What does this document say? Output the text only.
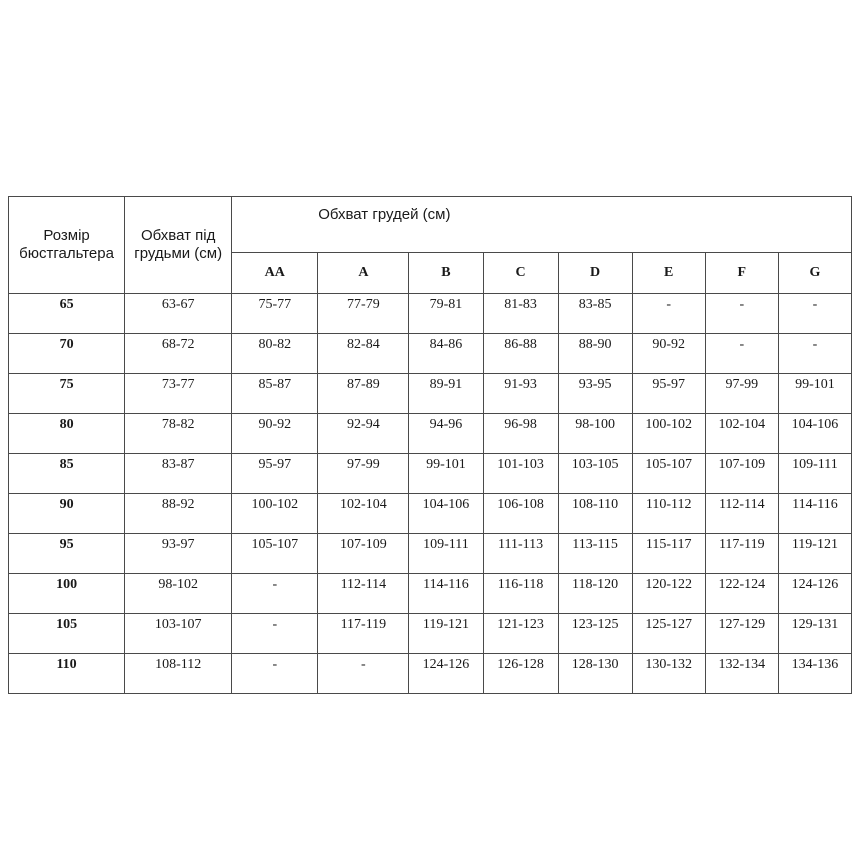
Розмір бюстгальтера	Обхват під грудьми (см)	Обхват грудей (см)							
		AA	A	B	C	D	E	F	G
65	63-67	75-77	77-79	79-81	81-83	83-85	-	-	-
70	68-72	80-82	82-84	84-86	86-88	88-90	90-92	-	-
75	73-77	85-87	87-89	89-91	91-93	93-95	95-97	97-99	99-101
80	78-82	90-92	92-94	94-96	96-98	98-100	100-102	102-104	104-106
85	83-87	95-97	97-99	99-101	101-103	103-105	105-107	107-109	109-111
90	88-92	100-102	102-104	104-106	106-108	108-110	110-112	112-114	114-116
95	93-97	105-107	107-109	109-111	111-113	113-115	115-117	117-119	119-121
100	98-102	-	112-114	114-116	116-118	118-120	120-122	122-124	124-126
105	103-107	-	117-119	119-121	121-123	123-125	125-127	127-129	129-131
110	108-112	-	-	124-126	126-128	128-130	130-132	132-134	134-136
